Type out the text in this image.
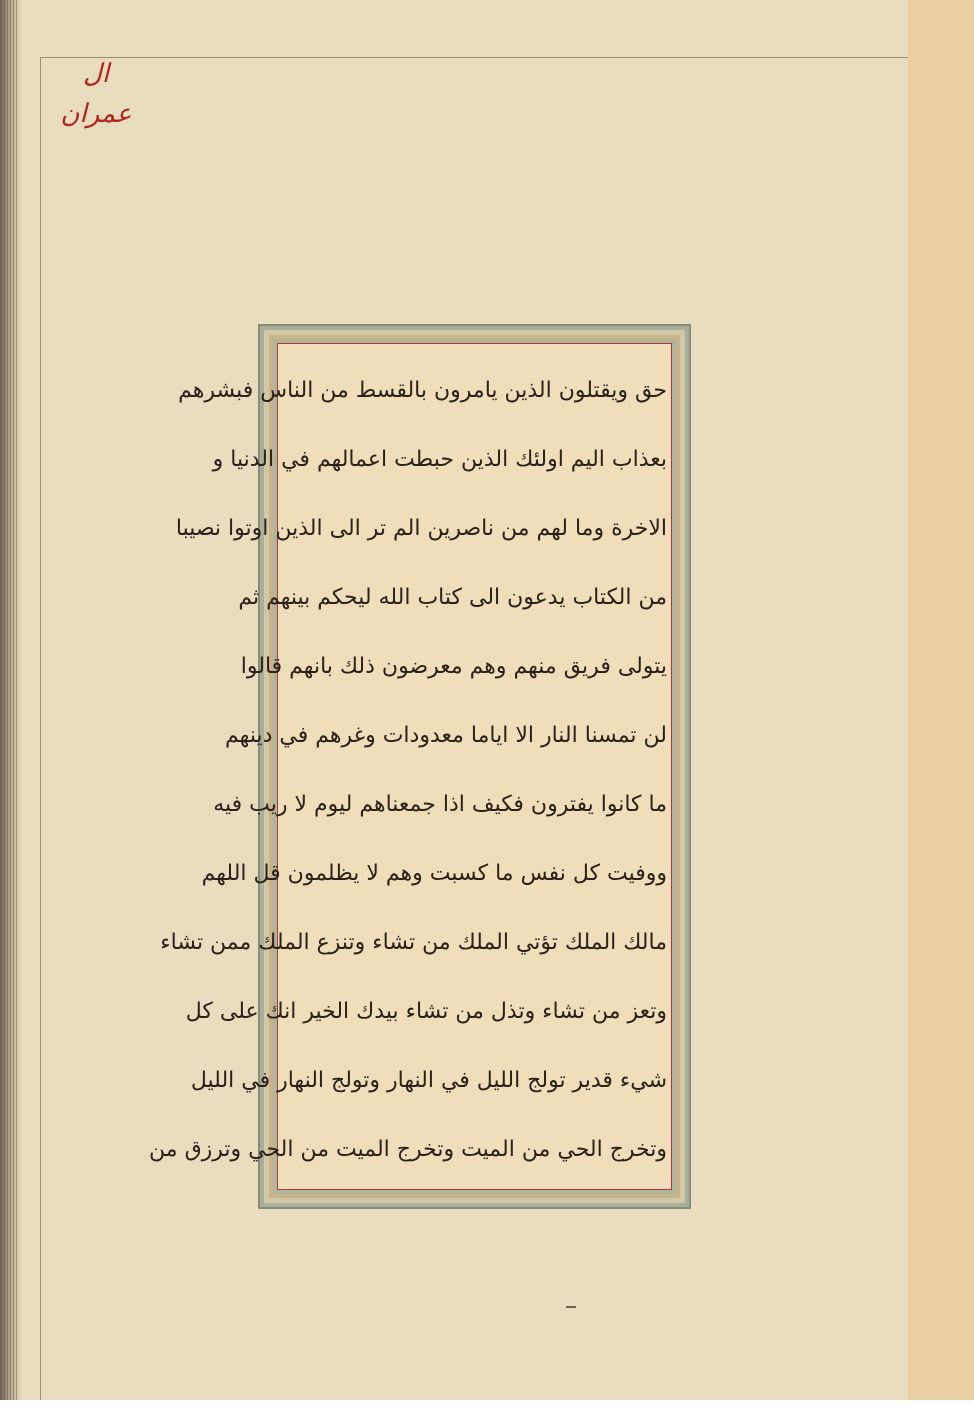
ال عمران
حق ويقتلون الذين يامرون بالقسط من الناس فبشرهم
بعذاب اليم اولئك الذين حبطت اعمالهم في الدنيا و
الاخرة وما لهم من ناصرين الم تر الى الذين اوتوا نصيبا
من الكتاب يدعون الى كتاب الله ليحكم بينهم ثم
يتولى فريق منهم وهم معرضون ذلك بانهم قالوا
لن تمسنا النار الا اياما معدودات وغرهم في دينهم
ما كانوا يفترون فكيف اذا جمعناهم ليوم لا ريب فيه
ووفيت كل نفس ما كسبت وهم لا يظلمون قل اللهم
مالك الملك تؤتي الملك من تشاء وتنزع الملك ممن تشاء
وتعز من تشاء وتذل من تشاء بيدك الخير انك على كل
شيء قدير تولج الليل في النهار وتولج النهار في الليل
وتخرج الحي من الميت وتخرج الميت من الحي وترزق من
